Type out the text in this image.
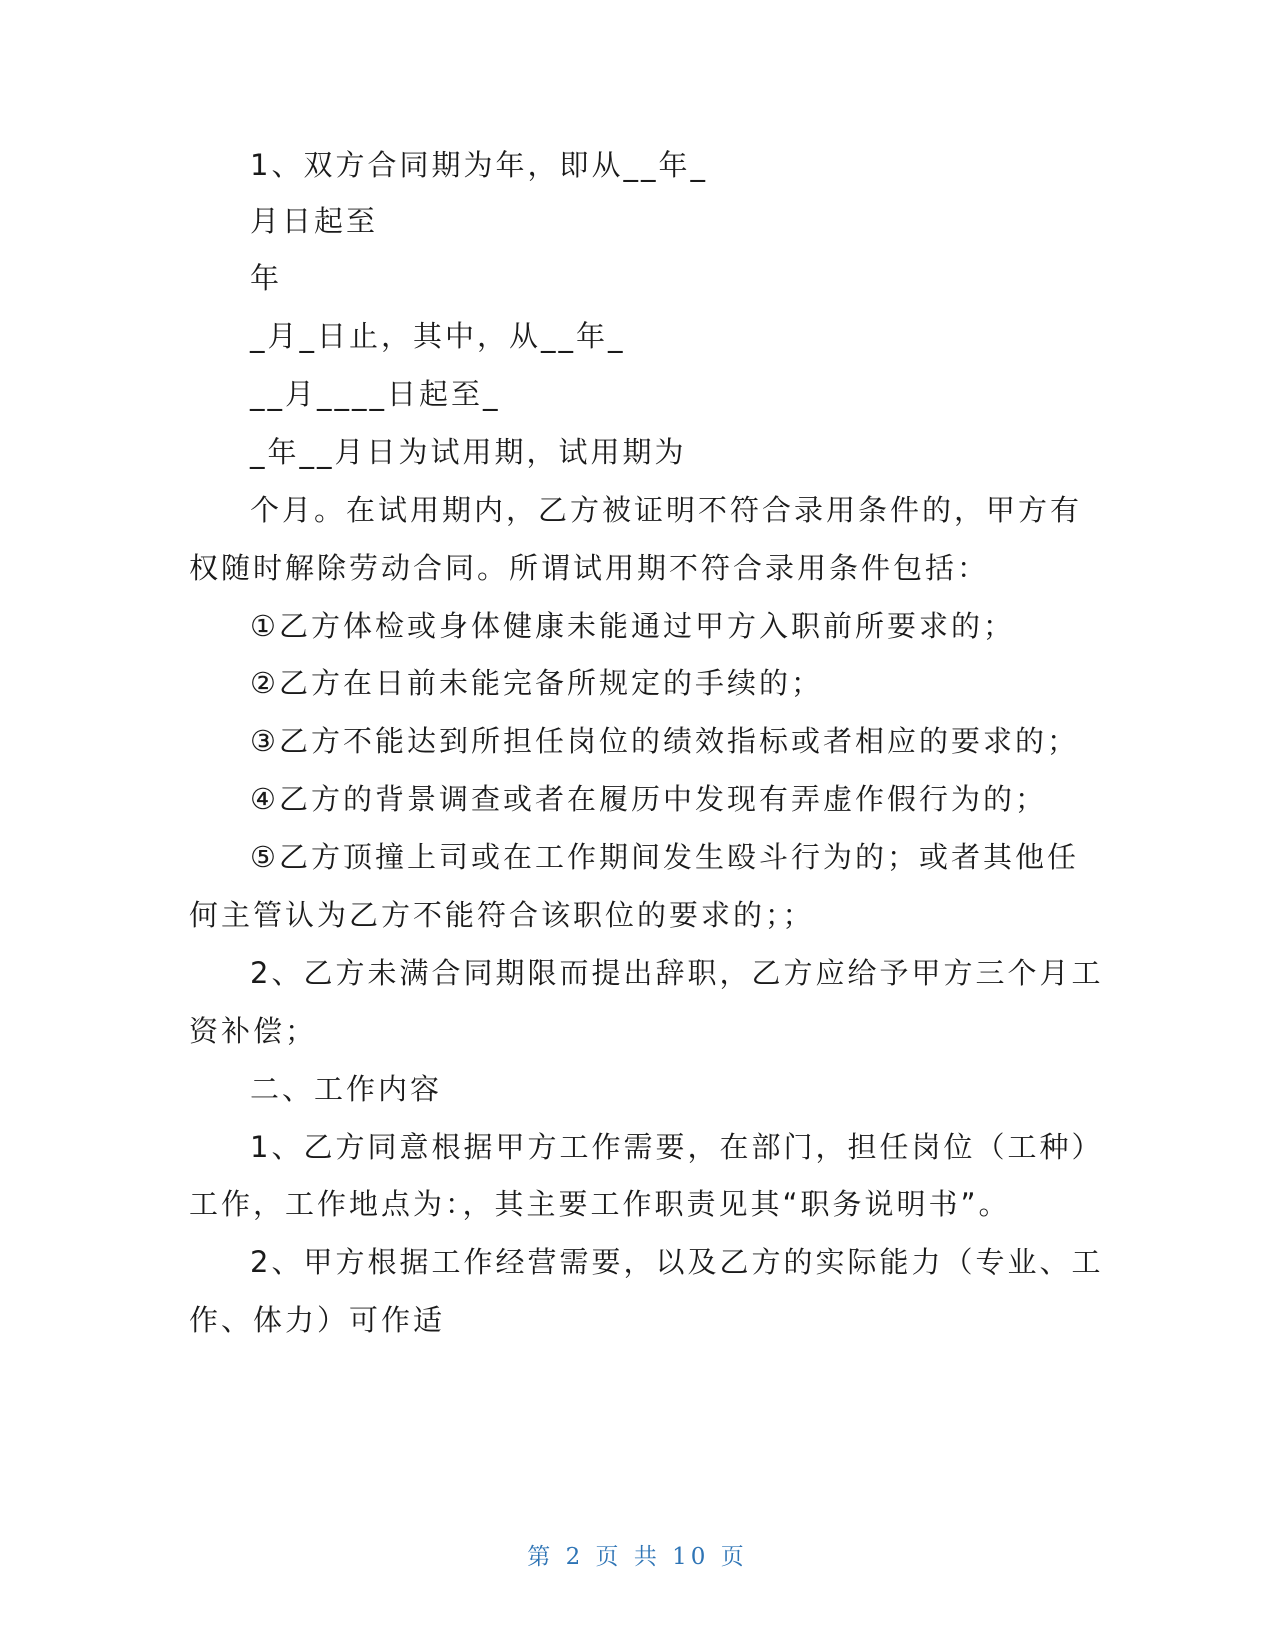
1、双方合同期为年，即从__年_
月日起至
年
_月_日止，其中，从__年_
__月____日起至_
_年__月日为试用期，试用期为
个月。在试用期内，乙方被证明不符合录用条件的，甲方有
权随时解除劳动合同。所谓试用期不符合录用条件包括：
①乙方体检或身体健康未能通过甲方入职前所要求的；
②乙方在日前未能完备所规定的手续的；
③乙方不能达到所担任岗位的绩效指标或者相应的要求的；
④乙方的背景调查或者在履历中发现有弄虚作假行为的；
⑤乙方顶撞上司或在工作期间发生殴斗行为的；或者其他任
何主管认为乙方不能符合该职位的要求的；；
2、乙方未满合同期限而提出辞职，乙方应给予甲方三个月工
资补偿；
二、工作内容
1、乙方同意根据甲方工作需要，在部门，担任岗位（工种）
工作，工作地点为：，其主要工作职责见其“职务说明书”。
2、甲方根据工作经营需要，以及乙方的实际能力（专业、工
作、体力）可作适
第 2 页 共 10 页
